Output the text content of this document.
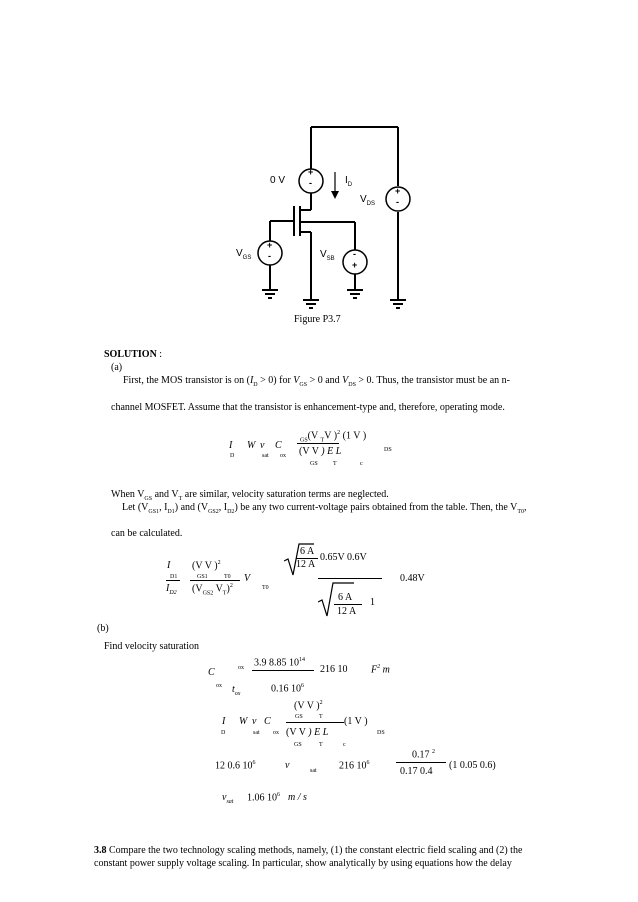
+
-
+
-
+
-	-
+
0 V	$I_D$
$V_{DS}$
$V_{GS}$	$V_{SB}$
Figure P3.7
SOLUTION :
(a)
First, the MOS transistor is on $(I_D > 0)$ for $V_{GS} > 0$ and $V_{DS} > 0$. Thus, the transistor must be an n-
channel MOSFET. Assume that the transistor is enhancement-type and, therefore, operating mode.
I
D
W v
sat
C
ox
$_{GS}$(V $_T$V )$^2$ (1 V )
DS
(V V ) E L
GS	T	c
When $V_{GS}$ and $V_T$ are similar, velocity saturation terms are neglected.
Let ($V_{GS1}$, $I_{D1}$) and ($V_{GS2}$, $I_{D2}$) be any two current-voltage pairs obtained from the table. Then, the $V_{T0}$,
can be calculated.
I
D1
$I_{D2}$
(V V )$^2$
GS1	T0
($V_{GS2}$ $V_T)^2$
V
T0
6 A
12 A
0.65V 0.6V
6 A
12 A
1
0.48V
(b)
Find velocity saturation
C
ox
ox 3.9 8.85 $10^{14}$
$t_{ox}$	0.16 $10^6$
216 10 $F^2$ m
I
D
W v
sat
C
ox
(V V )$^2$
GS	T
(V V ) E L
GS	T	c
(1 V )
DS
12 0.6 $10^6$	v	sat 216 $10^6$
0.17 $^2$
0.17 0.4
(1 0.05 0.6)
$v_{sat}$ 1.06 $10^6$ m / s
3.8 Compare the two technology scaling methods, namely, (1) the constant electric field scaling and (2) the
constant power supply voltage scaling. In particular, show analytically by using equations how the delay
